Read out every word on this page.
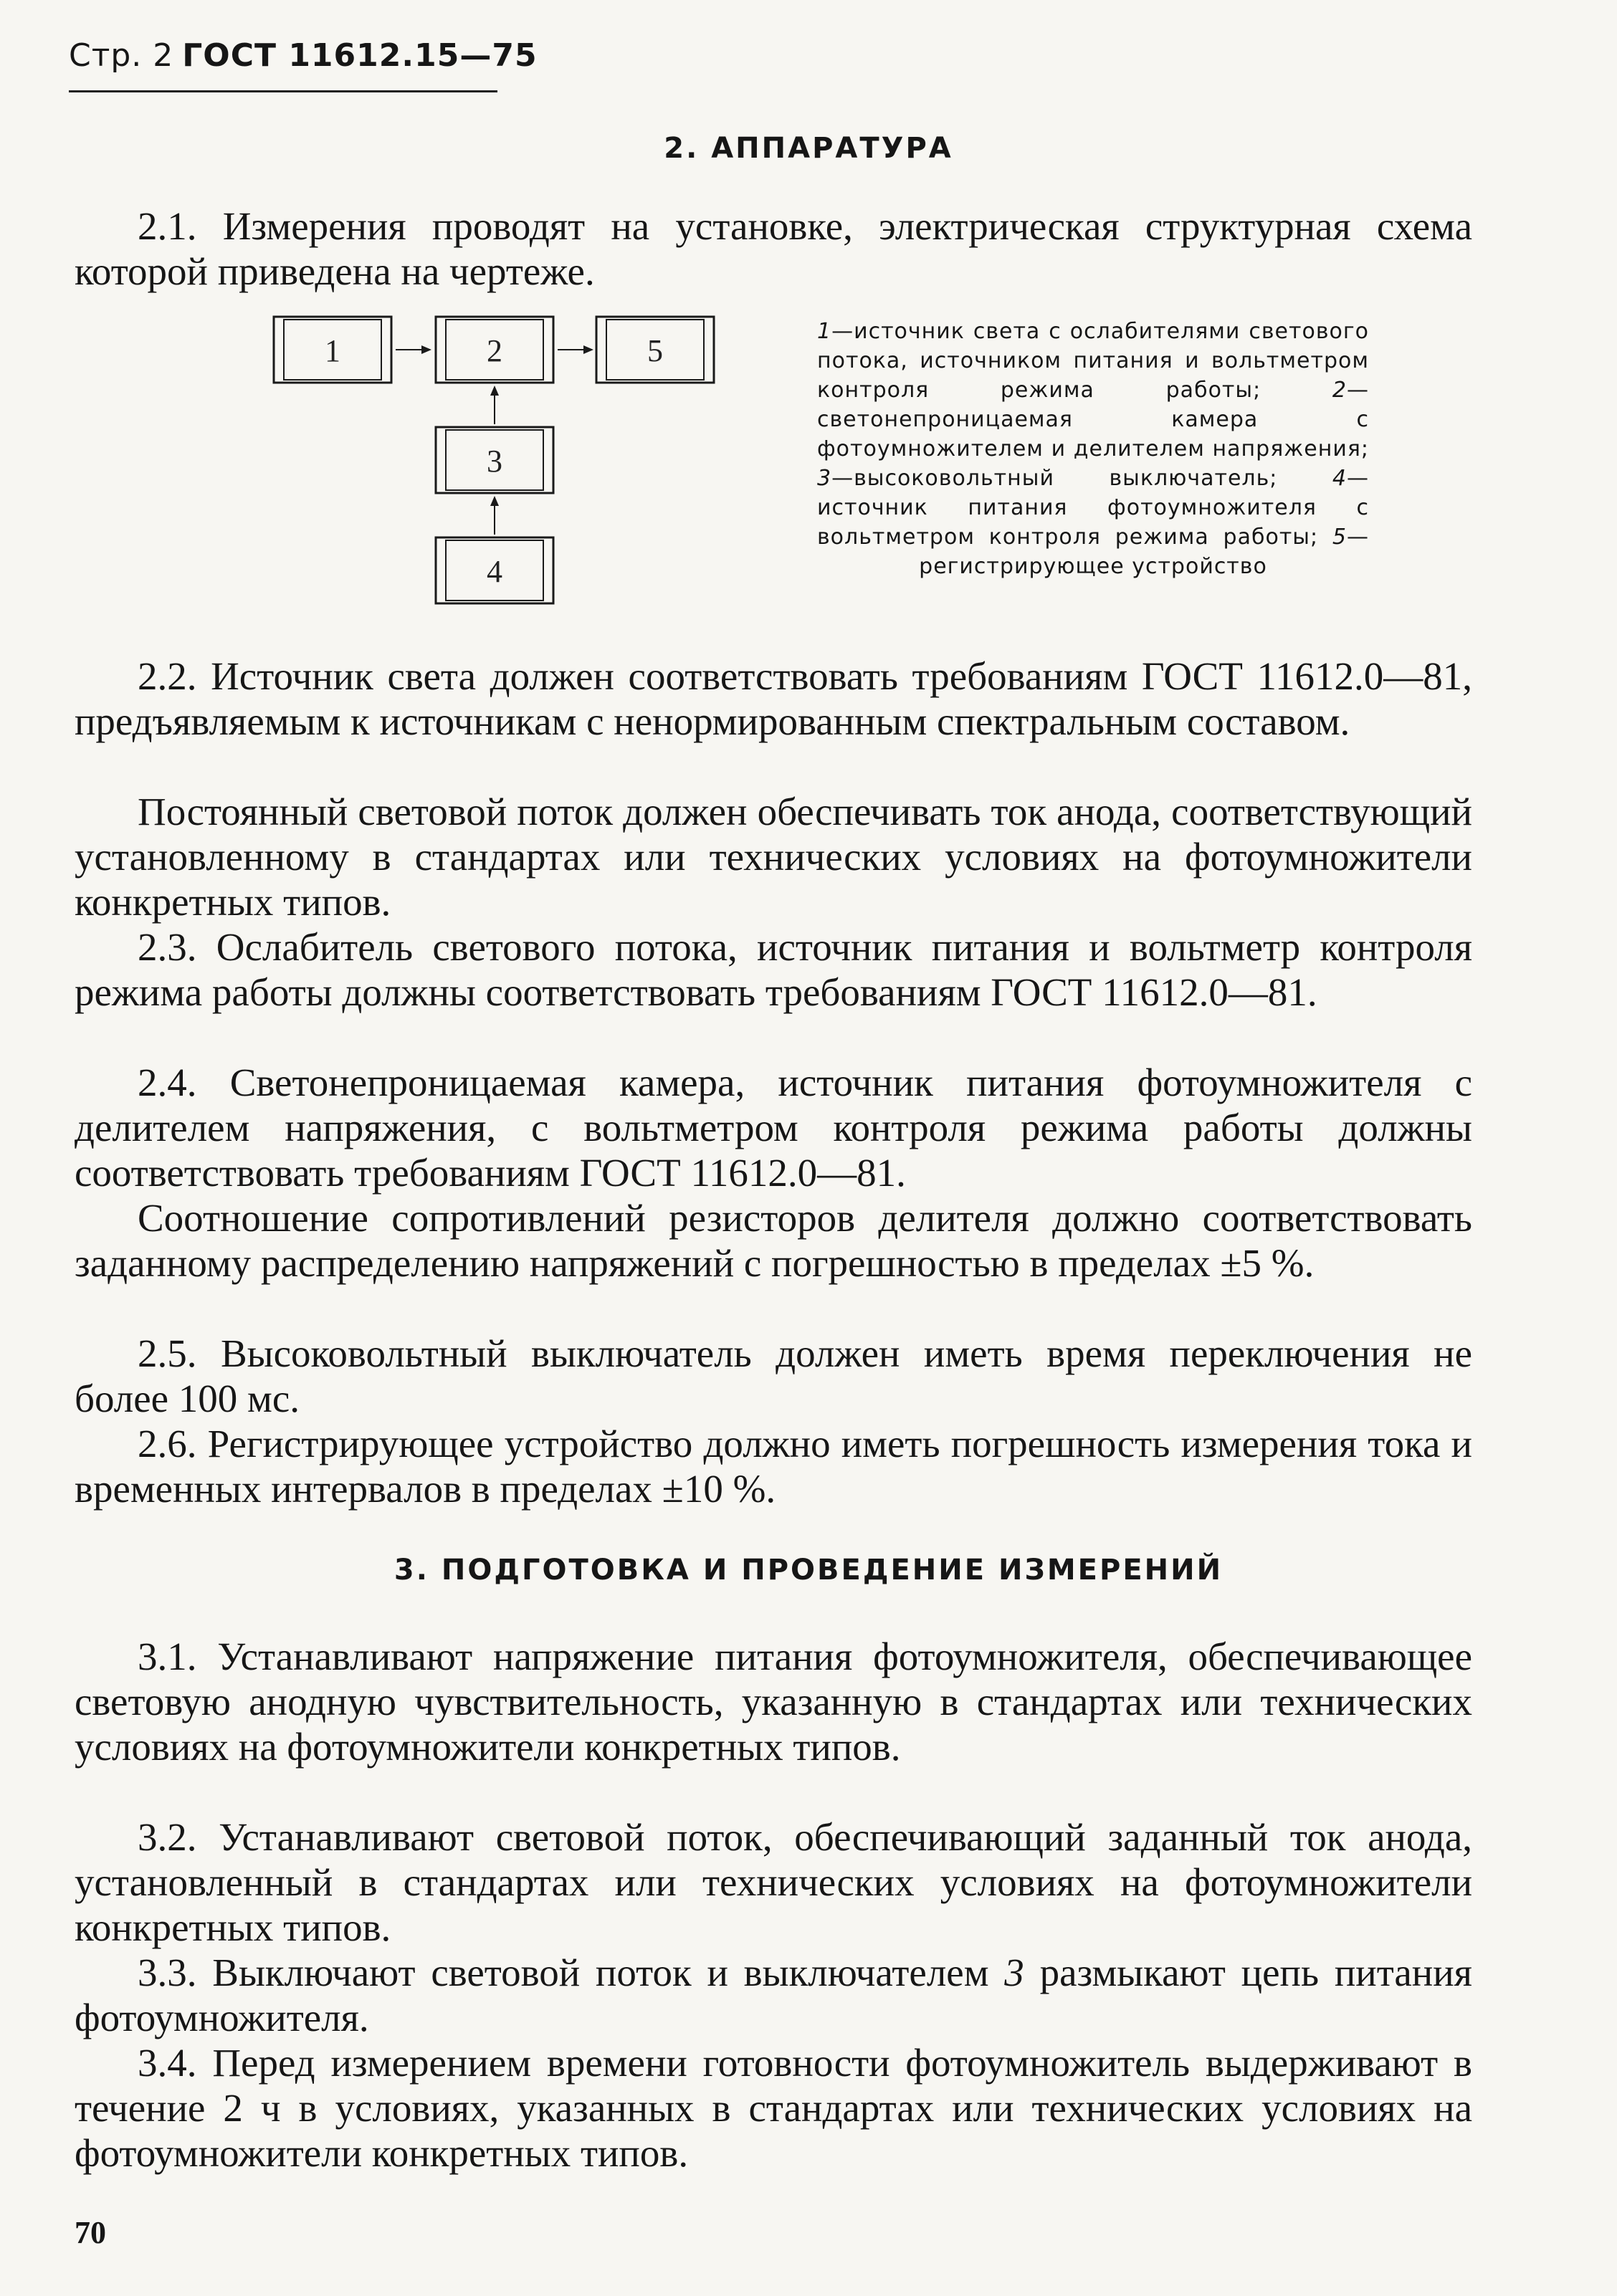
Стр. 2 ГОСТ 11612.15—75
2. АППАРАТУРА
2.1. Измерения проводят на установке, электрическая структурная схема которой приведена на чертеже.
1	2	5
3
4
1—источник света с ослабителями светового потока, источником питания и вольтметром контроля режима работы; 2—светонепроницаемая камера с фотоумножителем и делителем напряжения; 3—высоковольтный выключатель; 4—источник питания фотоумножителя с вольтметром контроля режима работы; 5—регистрирующее устройство
2.2. Источник света должен соответствовать требованиям ГОСТ 11612.0—81, предъявляемым к источникам с ненормированным спектральным составом.
Постоянный световой поток должен обеспечивать ток анода, соответствующий установленному в стандартах или технических условиях на фотоумножители конкретных типов.
2.3. Ослабитель светового потока, источник питания и вольтметр контроля режима работы должны соответствовать требованиям ГОСТ 11612.0—81.
2.4. Светонепроницаемая камера, источник питания фотоумножителя с делителем напряжения, с вольтметром контроля режима работы должны соответствовать требованиям ГОСТ 11612.0—81.
Соотношение сопротивлений резисторов делителя должно соответствовать заданному распределению напряжений с погрешностью в пределах ±5 %.
2.5. Высоковольтный выключатель должен иметь время переключения не более 100 мс.
2.6. Регистрирующее устройство должно иметь погрешность измерения тока и временных интервалов в пределах ±10 %.
3. ПОДГОТОВКА И ПРОВЕДЕНИЕ ИЗМЕРЕНИЙ
3.1. Устанавливают напряжение питания фотоумножителя, обеспечивающее световую анодную чувствительность, указанную в стандартах или технических условиях на фотоумножители конкретных типов.
3.2. Устанавливают световой поток, обеспечивающий заданный ток анода, установленный в стандартах или технических условиях на фотоумножители конкретных типов.
3.3. Выключают световой поток и выключателем 3 размыкают цепь питания фотоумножителя.
3.4. Перед измерением времени готовности фотоумножитель выдерживают в течение 2 ч в условиях, указанных в стандартах или технических условиях на фотоумножители конкретных типов.
70
